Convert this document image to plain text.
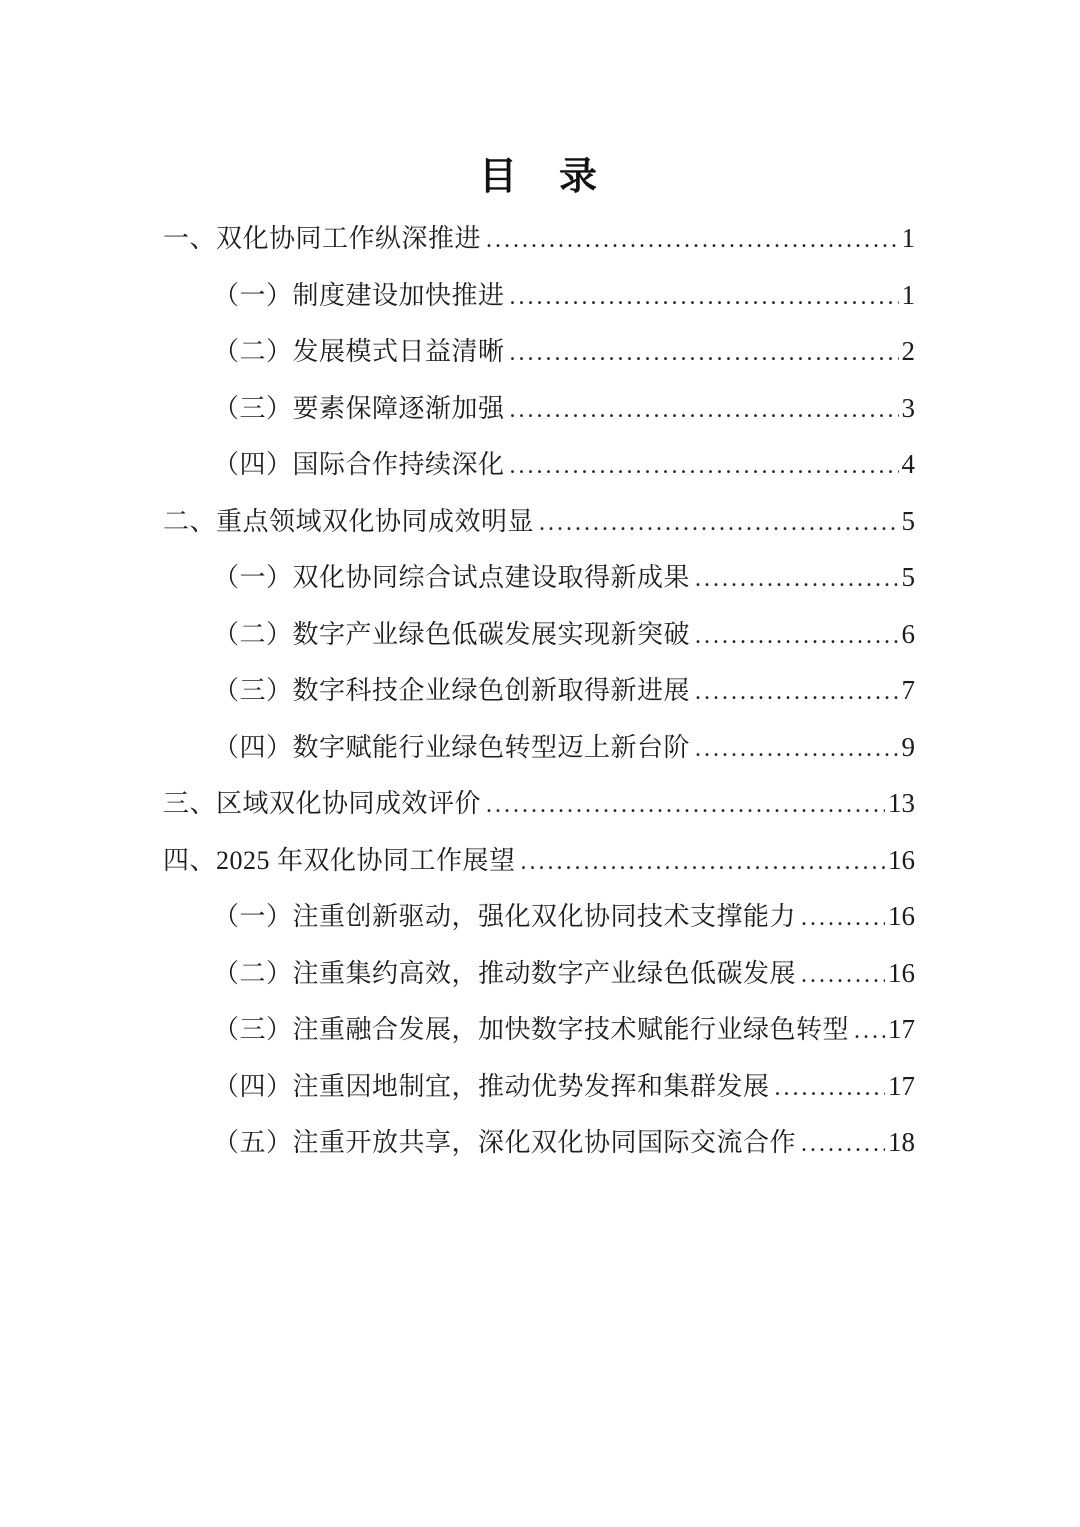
目　录
一、双化协同工作纵深推进 .....	1
（一）制度建设加快推进 .....	1
（二）发展模式日益清晰 .....	2
（三）要素保障逐渐加强 .....	3
（四）国际合作持续深化 .....	4
二、重点领域双化协同成效明显 .....	5
（一）双化协同综合试点建设取得新成果 .....	5
（二）数字产业绿色低碳发展实现新突破 .....	6
（三）数字科技企业绿色创新取得新进展 .....	7
（四）数字赋能行业绿色转型迈上新台阶 .....	9
三、区域双化协同成效评价 .....	13
四、2025 年双化协同工作展望 .....	16
（一）注重创新驱动，强化双化协同技术支撑能力 .....	16
（二）注重集约高效，推动数字产业绿色低碳发展 .....	16
（三）注重融合发展，加快数字技术赋能行业绿色转型 ..... 17
（四）注重因地制宜，推动优势发挥和集群发展 .....	17
（五）注重开放共享，深化双化协同国际交流合作 .....	18
